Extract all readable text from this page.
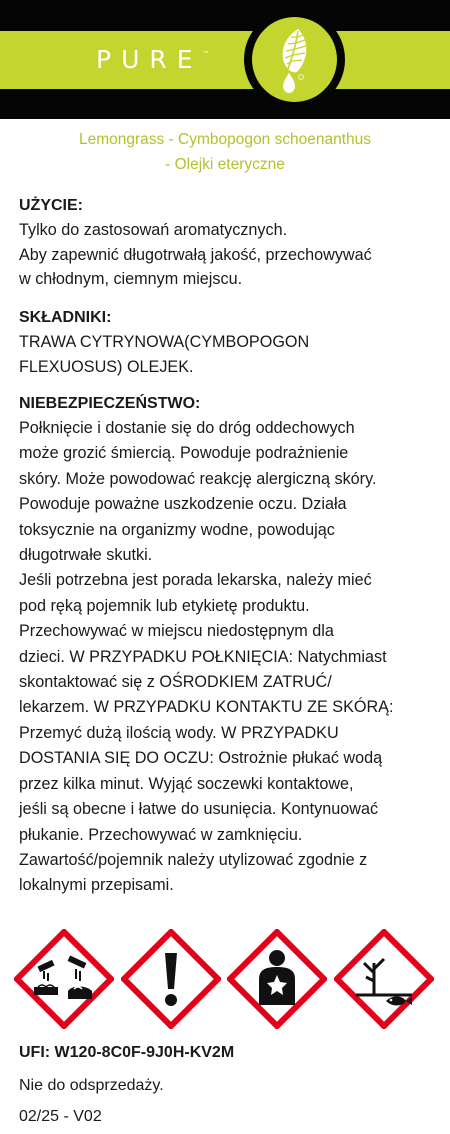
PURE™
Lemongrass - Cymbopogon schoenanthus
- Olejki eteryczne
UŻYCIE:
Tylko do zastosowań aromatycznych.
Aby zapewnić długotrwałą jakość, przechowywać
w chłodnym, ciemnym miejscu.
SKŁADNIKI:
TRAWA CYTRYNOWA(CYMBOPOGON
FLEXUOSUS) OLEJEK.
NIEBEZPIECZEŃSTWO:
Połknięcie i dostanie się do dróg oddechowych
może grozić śmiercią. Powoduje podrażnienie
skóry. Może powodować reakcję alergiczną skóry.
Powoduje poważne uszkodzenie oczu. Działa
toksycznie na organizmy wodne, powodując
długotrwałe skutki.
Jeśli potrzebna jest porada lekarska, należy mieć
pod ręką pojemnik lub etykietę produktu.
Przechowywać w miejscu niedostępnym dla
dzieci. W PRZYPADKU POŁKNIĘCIA: Natychmiast
skontaktować się z OŚRODKIEM ZATRUĆ/
lekarzem. W PRZYPADKU KONTAKTU ZE SKÓRĄ:
Przemyć dużą ilością wody. W PRZYPADKU
DOSTANIA SIĘ DO OCZU: Ostrożnie płukać wodą
przez kilka minut. Wyjąć soczewki kontaktowe,
jeśli są obecne i łatwe do usunięcia. Kontynuować
płukanie. Przechowywać w zamknięciu.
Zawartość/pojemnik należy utylizować zgodnie z
lokalnymi przepisami.
UFI: W120-8C0F-9J0H-KV2M
Nie do odsprzedaży.
02/25 - V02
